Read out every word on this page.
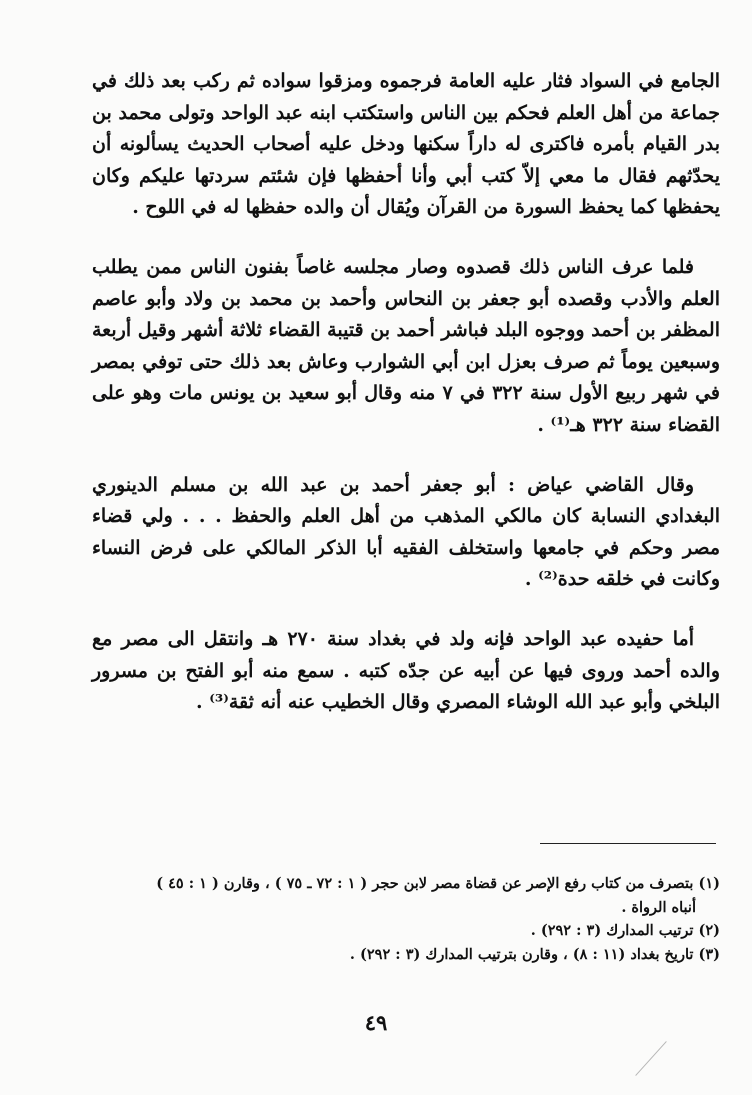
الجامع في السواد فثار عليه العامة فرجموه ومزقوا سواده ثم ركب بعد ذلك في جماعة من أهل العلم فحكم بين الناس واستكتب ابنه عبد الواحد وتولى محمد بن بدر القيام بأمره فاكترى له داراً سكنها ودخل عليه أصحاب الحديث يسألونه أن يحدّثهم فقال ما معي إلاّ كتب أبي وأنا أحفظها فإن شئتم سردتها عليكم وكان يحفظها كما يحفظ السورة من القرآن ويُقال أن والده حفظها له في اللوح .

فلما عرف الناس ذلك قصدوه وصار مجلسه غاصاً بفنون الناس ممن يطلب العلم والأدب وقصده أبو جعفر بن النحاس وأحمد بن محمد بن ولاد وأبو عاصم المظفر بن أحمد ووجوه البلد فباشر أحمد بن قتيبة القضاء ثلاثة أشهر وقيل أربعة وسبعين يوماً ثم صرف بعزل ابن أبي الشوارب وعاش بعد ذلك حتى توفي بمصر في شهر ربيع الأول سنة ٣٢٢ في ٧ منه وقال أبو سعيد بن يونس مات وهو على القضاء سنة ٣٢٢ هـ⁽¹⁾ .

وقال القاضي عياض : أبو جعفر أحمد بن عبد الله بن مسلم الدينوري البغدادي النسابة كان مالكي المذهب من أهل العلم والحفظ . . . ولي قضاء مصر وحكم في جامعها واستخلف الفقيه أبا الذكر المالكي على فرض النساء وكانت في خلقه حدة⁽²⁾ .

أما حفيده عبد الواحد فإنه ولد في بغداد سنة ٢٧٠ هـ وانتقل الى مصر مع والده أحمد وروى فيها عن أبيه عن جدّه كتبه . سمع منه أبو الفتح بن مسرور البلخي وأبو عبد الله الوشاء المصري وقال الخطيب عنه أنه ثقة⁽³⁾ .

(١) بتصرف من كتاب رفع الإصر عن قضاة مصر لابن حجر ( ١ : ٧٢ ـ ٧٥ ) ، وقارن ( ١ : ٤٥ )

أنباه الرواة .

(٢) ترتيب المدارك (٣ : ٢٩٢) .

(٣) تاريخ بغداد (١١ : ٨) ، وقارن بترتيب المدارك (٣ : ٢٩٢) .

٤٩
